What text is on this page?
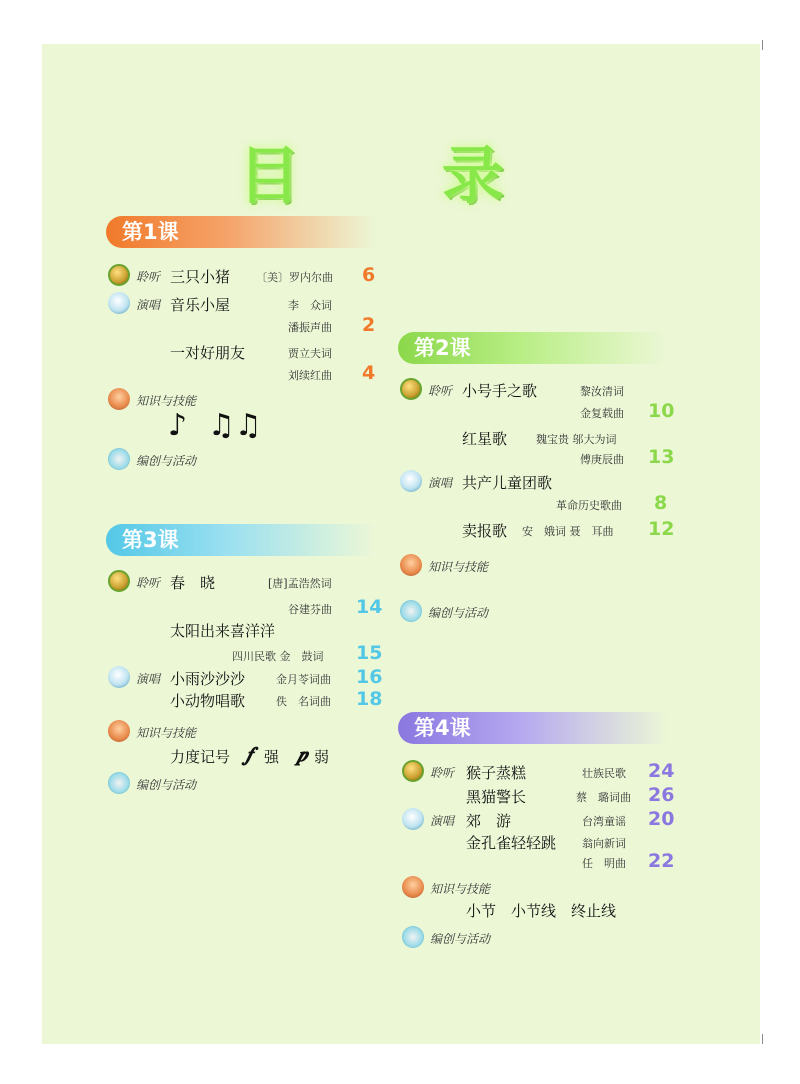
目 录
第1课
聆听 三只小猪 〔美〕罗内尔曲 6
演唱 音乐小屋	李　众词
潘振声曲 2
一对好朋友	贾立夫词
刘续红曲 4
知识与技能
♪ ♫♫
编创与活动
第3课
聆听 春　晓	[唐]孟浩然词
谷建芬曲 14
太阳出来喜洋洋
四川民歌 金　鼓词 15
演唱 小雨沙沙沙	金月苓词曲 16
小动物唱歌	佚　名词曲 18
知识与技能
力度记号 𝆑 强 𝆏 弱
编创与活动
第2课
聆听 小号手之歌	黎汝清词
金复载曲 10
红星歌	魏宝贵 邬大为词
傅庚辰曲 13
演唱 共产儿童团歌
革命历史歌曲 8
卖报歌 安　娥词 聂　耳曲 12
知识与技能
编创与活动
第4课
聆听 猴子蒸糕	壮族民歌 24
黑猫警长	蔡　璐词曲 26
演唱 郊　游	台湾童谣 20
金孔雀轻轻跳 翁向新词
任　明曲 22
知识与技能
小节　小节线　终止线
编创与活动
